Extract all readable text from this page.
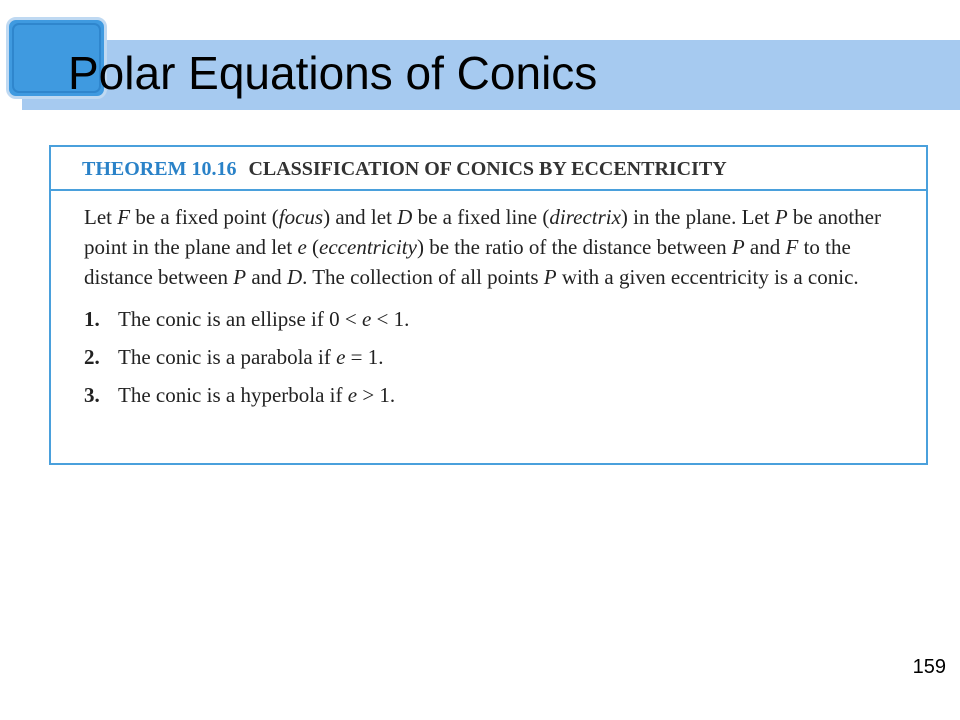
Polar Equations of Conics
THEOREM 10.16 CLASSIFICATION OF CONICS BY ECCENTRICITY

Let F be a fixed point (focus) and let D be a fixed line (directrix) in the plane. Let P be another point in the plane and let e (eccentricity) be the ratio of the distance between P and F to the distance between P and D. The collection of all points P with a given eccentricity is a conic.

1. The conic is an ellipse if 0 < e < 1.
2. The conic is a parabola if e = 1.
3. The conic is a hyperbola if e > 1.
159
